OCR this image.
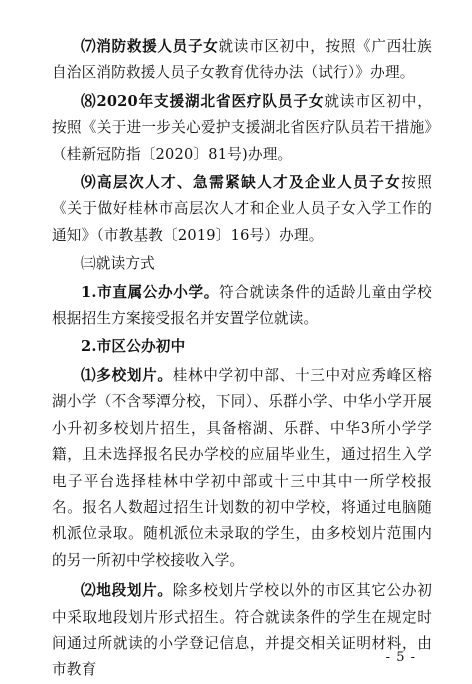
⑺消防救援人员子女就读市区初中，按照《广西壮族自治区消防救援人员子女教育优待办法（试行）》办理。

⑻2020年支援湖北省医疗队员子女就读市区初中，按照《关于进一步关心爱护支援湖北省医疗队员若干措施》（桂新冠防指〔2020〕81号)办理。

⑼高层次人才、急需紧缺人才及企业人员子女按照《关于做好桂林市高层次人才和企业人员子女入学工作的通知》（市教基教〔2019〕16号）办理。

㈢就读方式

1.市直属公办小学。符合就读条件的适龄儿童由学校根据招生方案接受报名并安置学位就读。

2.市区公办初中

⑴多校划片。桂林中学初中部、十三中对应秀峰区榕湖小学（不含琴潭分校，下同）、乐群小学、中华小学开展小升初多校划片招生，具备榕湖、乐群、中华3所小学学籍，且未选择报名民办学校的应届毕业生，通过招生入学电子平台选择桂林中学初中部或十三中其中一所学校报名。报名人数超过招生计划数的初中学校，将通过电脑随机派位录取。随机派位未录取的学生，由多校划片范围内的另一所初中学校接收入学。

⑵地段划片。除多校划片学校以外的市区其它公办初中采取地段划片形式招生。符合就读条件的学生在规定时间通过所就读的小学登记信息，并提交相关证明材料，由市教育

- 5 -
